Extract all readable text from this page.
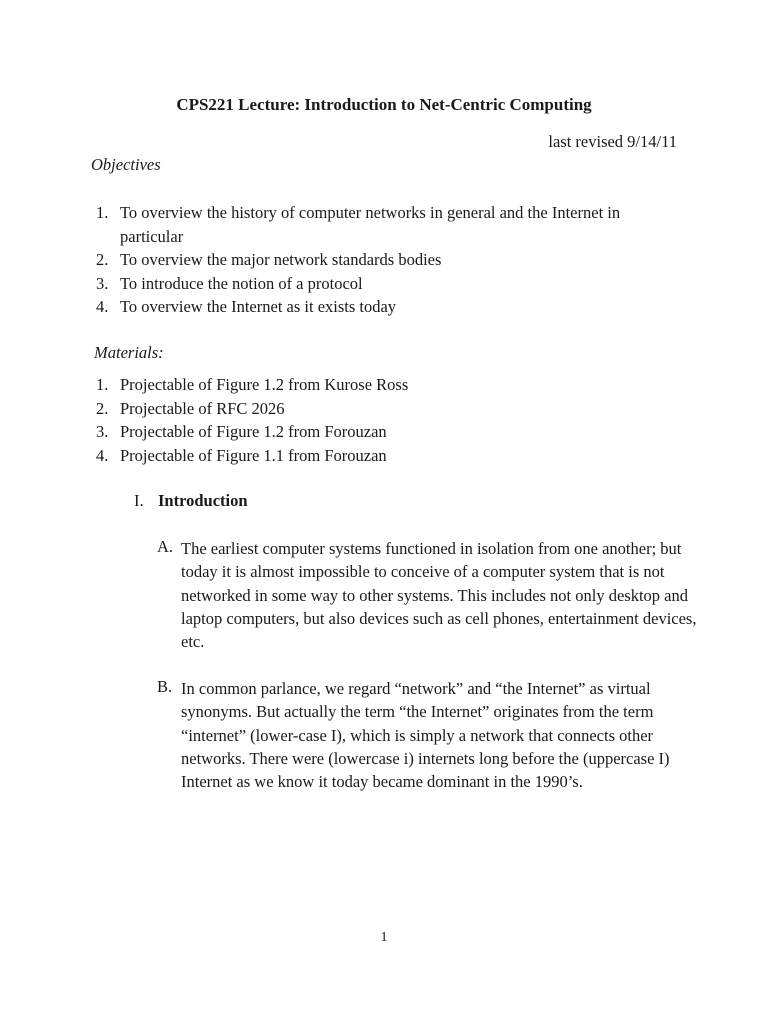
CPS221 Lecture: Introduction to Net-Centric Computing
last revised 9/14/11
Objectives
1. To overview the history of computer networks in general and the Internet in particular
2. To overview the major network standards bodies
3. To introduce the notion of a protocol
4. To overview the Internet as it exists today
Materials:
1. Projectable of Figure 1.2 from Kurose Ross
2. Projectable of RFC 2026
3. Projectable of Figure 1.2 from Forouzan
4. Projectable of Figure 1.1 from Forouzan
I. Introduction
A. The earliest computer systems functioned in isolation from one another; but today it is almost impossible to conceive of a computer system that is not networked in some way to other systems. This includes not only desktop and laptop computers, but also devices such as cell phones, entertainment devices, etc.
B. In common parlance, we regard “network” and “the Internet” as virtual synonyms. But actually the term “the Internet” originates from the term “internet” (lower-case I), which is simply a network that connects other networks. There were (lowercase i) internets long before the (uppercase I) Internet as we know it today became dominant in the 1990’s.
1
